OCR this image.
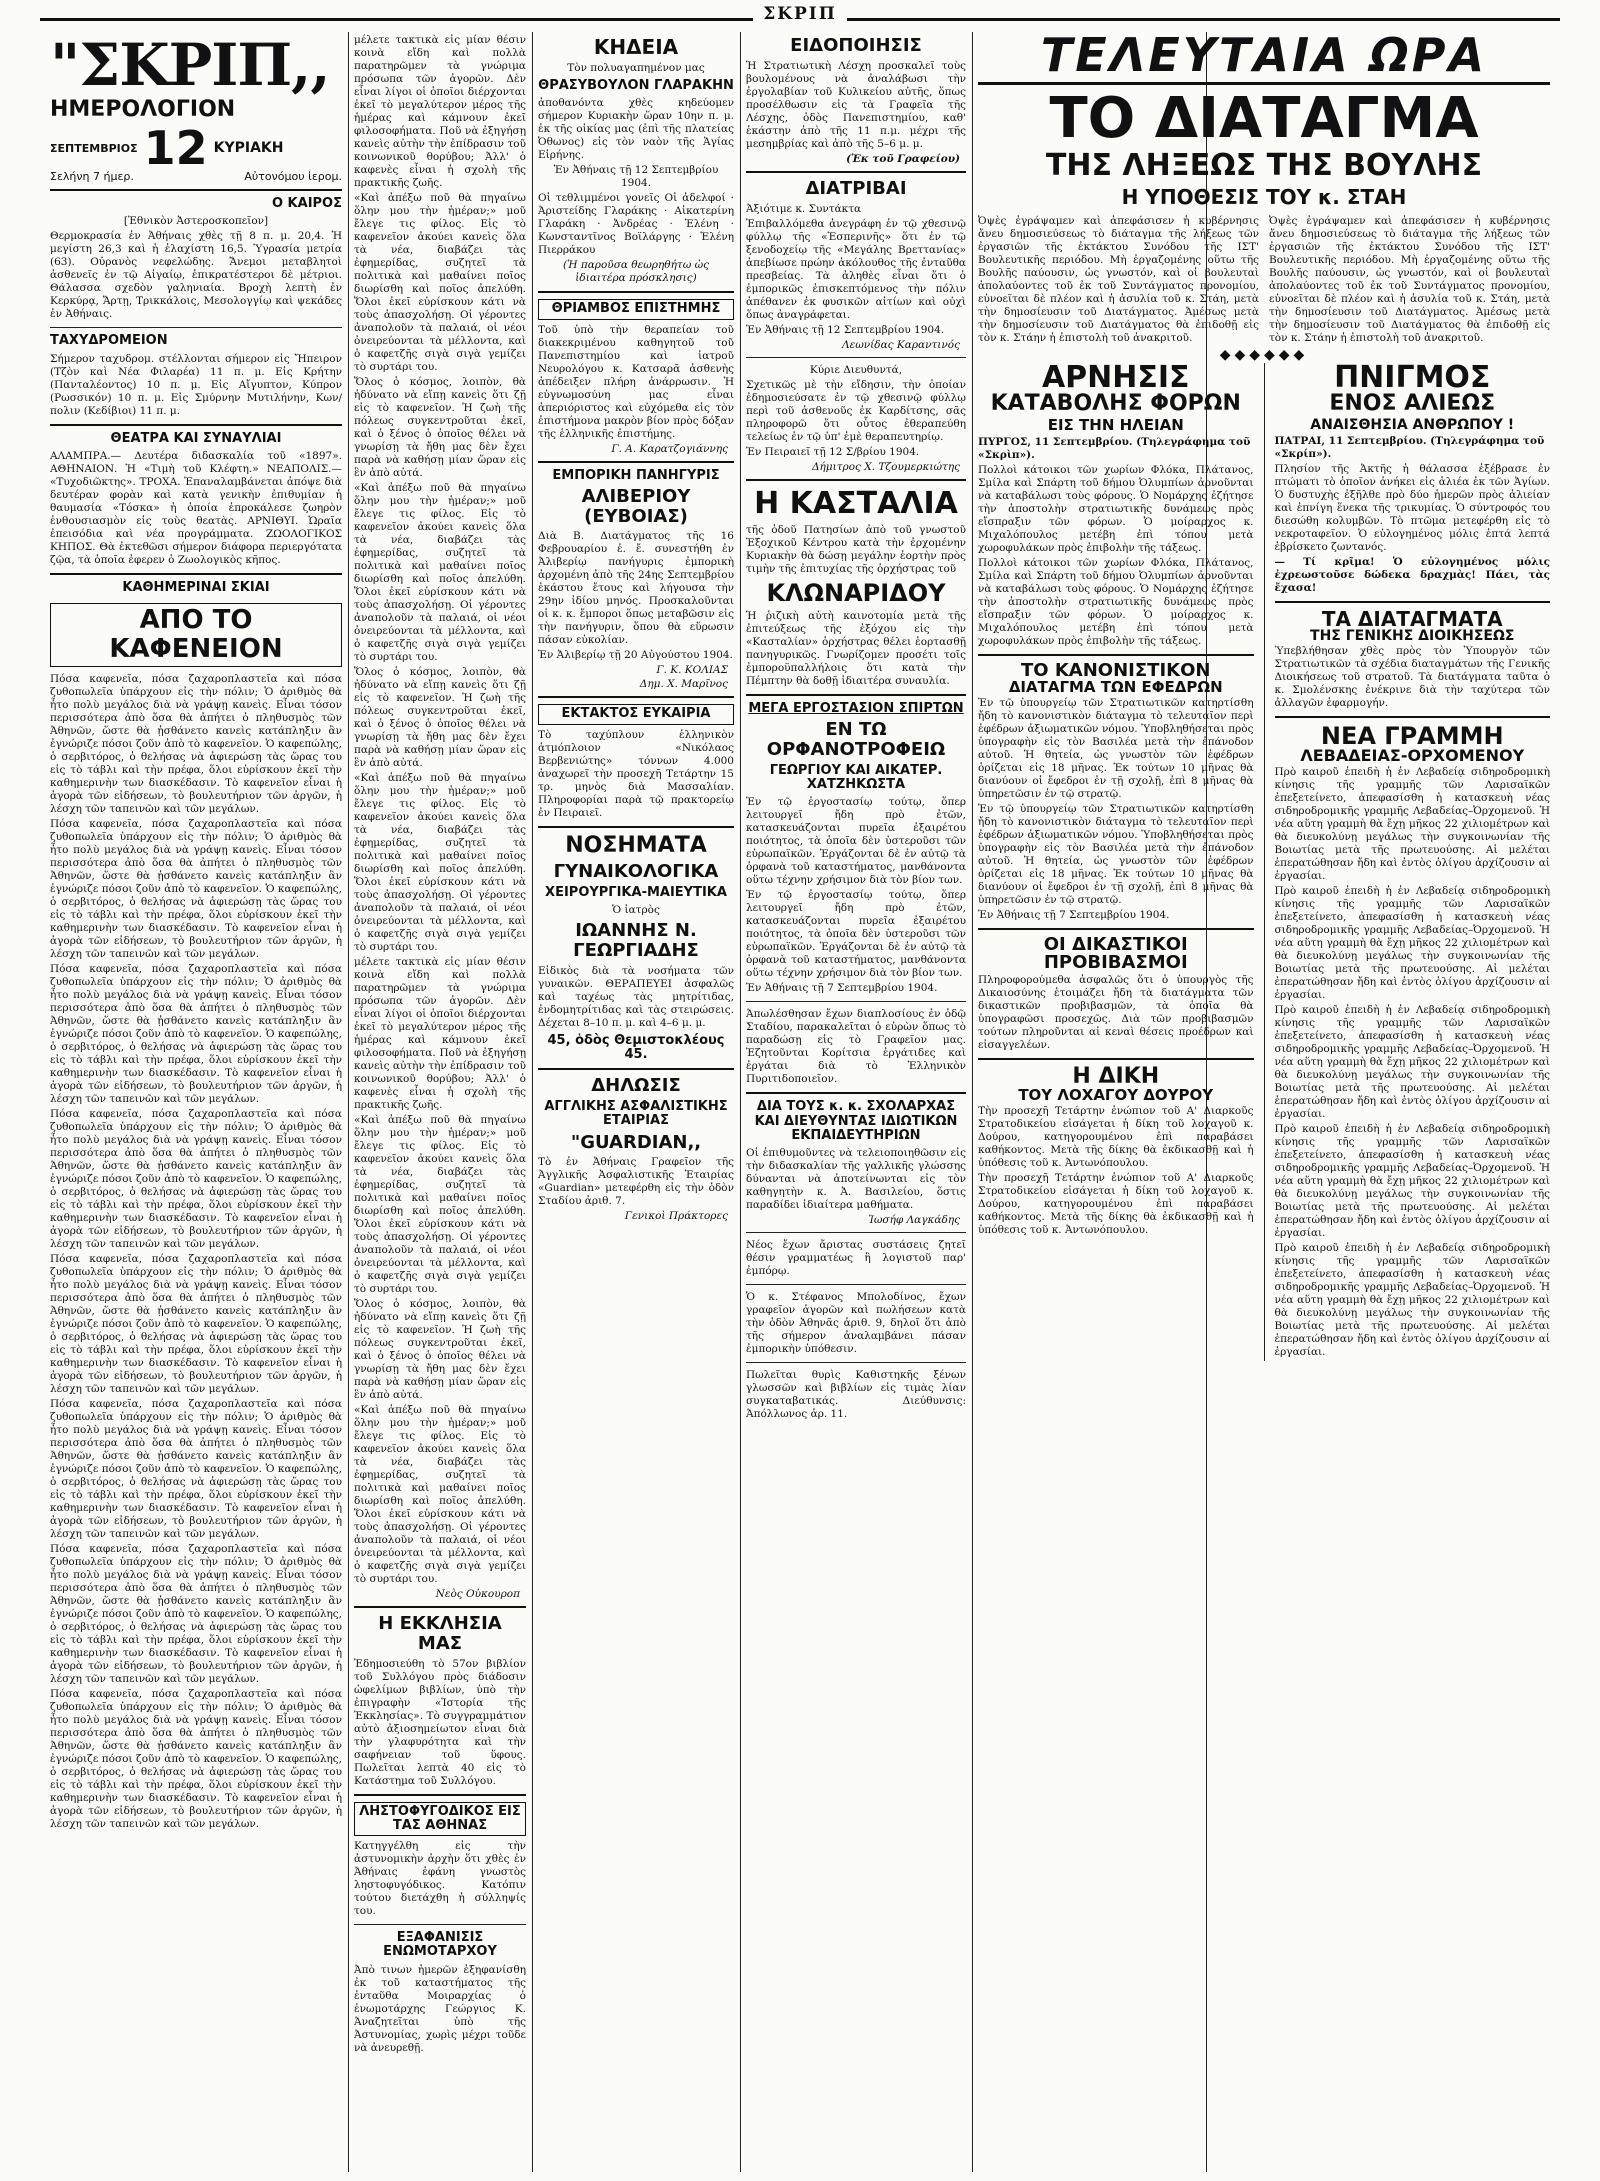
ΣΚΡΙΠ
"ΣΚΡΙΠ,,
ΗΜΕΡΟΛΟΓΙΟΝ
ΣΕΠΤΕΜΒΡΙΟΣ 12 ΚΥΡΙΑΚΗ
Σελήνη 7 ήμερ.	Αὐτονόμου ἱερομ.
Ο ΚΑΙΡΟΣ
[Ἐθνικὸν Ἀστεροσκοπεῖον]
Θερμοκρασία ἐν Ἀθήναις χθὲς τῇ 8 π. μ. 20,4. Ἡ μεγίστη 26,3 καὶ ἡ ἐλαχίστη 16,5. Ὑγρασία μετρία (63). Οὐρανὸς νεφελώδης. Ἄνεμοι μεταβλητοὶ ἀσθενεῖς ἐν τῷ Αἰγαίῳ, ἐπικρατέστεροι δὲ μέτριοι. Θάλασσα σχεδὸν γαληνιαία. Βροχὴ λεπτὴ ἐν Κερκύρᾳ, Ἄρτῃ, Τρικκάλοις, Μεσολογγίῳ καὶ ψεκάδες ἐν Ἀθήναις.
ΤΑΧΥΔΡΟΜΕΙΟΝ
Σήμερον ταχυδρομ. στέλλονται σήμερον εἰς Ἤπειρον (Τζὸν καὶ Νέα Φιλαρέα) 11 π. μ. Εἰς Κρήτην (Πανταλέοντος) 10 π. μ. Εἰς Αἴγυπτον, Κύπρον (Ρωσσικόν) 10 π. μ. Εἰς Σμύρνην Μυτιλήνην, Κων/πολιν (Κεδίβιοι) 11 π. μ.
ΘΕΑΤΡΑ ΚΑΙ ΣΥΝΑΥΛΙΑΙ
ΑΛΑΜΠΡΑ.— Δευτέρα διδασκαλία τοῦ «1897». ΑΘΗΝΑΙΟΝ. Ἡ «Τιμὴ τοῦ Κλέφτη.» ΝΕΑΠΟΛΙΣ.— «Τυχοδιῶκτης». ΤΡΟΧΑ. Ἐπαναλαμβάνεται ἀπόψε διὰ δευτέραν φορὰν καὶ κατὰ γενικὴν ἐπιθυμίαν ἡ θαυμασία «Τόσκα» ἡ ὁποία ἐπροκάλεσε ζωηρὸν ἐνθουσιασμὸν εἰς τοὺς θεατὰς. ΑΡΝΙΘΥΙ. Ὡραῖα ἐπεισόδια καὶ νέα προγράμματα. ΖΩΟΛΟΓΙΚΟΣ ΚΗΠΟΣ. Θὰ ἐκτεθῶσι σήμερον διάφορα περιεργότατα ζῷα, τὰ ὁποῖα ἐφερεν ὁ Ζωολογικὸς κῆπος.
ΚΑΘΗΜΕΡΙΝΑΙ ΣΚΙΑΙ
ΑΠΟ ΤΟ ΚΑΦΕΝΕΙΟΝ
Πόσα καφενεῖα, πόσα ζαχαροπλαστεῖα καὶ πόσα ζυθοπωλεῖα ὑπάρχουν εἰς τὴν πόλιν; Ὁ ἀριθμὸς θὰ ἦτο πολὺ μεγάλος διὰ νὰ γράψῃ κανεὶς. Εἶναι τόσον περισσότερα ἀπὸ ὅσα θὰ ἀπήτει ὁ πληθυσμὸς τῶν Ἀθηνῶν, ὥστε θὰ ᾐσθάνετο κανεὶς κατάπληξιν ἂν ἐγνώριζε πόσοι ζοῦν ἀπὸ τὸ καφενεῖον. Ὁ καφεπώλης, ὁ σερβιτόρος, ὁ θελήσας νὰ ἀφιερώσῃ τὰς ὥρας του εἰς τὸ τάβλι καὶ τὴν πρέφα, ὅλοι εὑρίσκουν ἐκεῖ τὴν καθημερινὴν των διασκέδασιν. Τὸ καφενεῖον εἶναι ἡ ἀγορὰ τῶν εἰδήσεων, τὸ βουλευτήριον τῶν ἀργῶν, ἡ λέσχη τῶν ταπεινῶν καὶ τῶν μεγάλων.
Πόσα καφενεῖα, πόσα ζαχαροπλαστεῖα καὶ πόσα ζυθοπωλεῖα ὑπάρχουν εἰς τὴν πόλιν; Ὁ ἀριθμὸς θὰ ἦτο πολὺ μεγάλος διὰ νὰ γράψῃ κανεὶς. Εἶναι τόσον περισσότερα ἀπὸ ὅσα θὰ ἀπήτει ὁ πληθυσμὸς τῶν Ἀθηνῶν, ὥστε θὰ ᾐσθάνετο κανεὶς κατάπληξιν ἂν ἐγνώριζε πόσοι ζοῦν ἀπὸ τὸ καφενεῖον. Ὁ καφεπώλης, ὁ σερβιτόρος, ὁ θελήσας νὰ ἀφιερώσῃ τὰς ὥρας του εἰς τὸ τάβλι καὶ τὴν πρέφα, ὅλοι εὑρίσκουν ἐκεῖ τὴν καθημερινὴν των διασκέδασιν. Τὸ καφενεῖον εἶναι ἡ ἀγορὰ τῶν εἰδήσεων, τὸ βουλευτήριον τῶν ἀργῶν, ἡ λέσχη τῶν ταπεινῶν καὶ τῶν μεγάλων.
Πόσα καφενεῖα, πόσα ζαχαροπλαστεῖα καὶ πόσα ζυθοπωλεῖα ὑπάρχουν εἰς τὴν πόλιν; Ὁ ἀριθμὸς θὰ ἦτο πολὺ μεγάλος διὰ νὰ γράψῃ κανεὶς. Εἶναι τόσον περισσότερα ἀπὸ ὅσα θὰ ἀπήτει ὁ πληθυσμὸς τῶν Ἀθηνῶν, ὥστε θὰ ᾐσθάνετο κανεὶς κατάπληξιν ἂν ἐγνώριζε πόσοι ζοῦν ἀπὸ τὸ καφενεῖον. Ὁ καφεπώλης, ὁ σερβιτόρος, ὁ θελήσας νὰ ἀφιερώσῃ τὰς ὥρας του εἰς τὸ τάβλι καὶ τὴν πρέφα, ὅλοι εὑρίσκουν ἐκεῖ τὴν καθημερινὴν των διασκέδασιν. Τὸ καφενεῖον εἶναι ἡ ἀγορὰ τῶν εἰδήσεων, τὸ βουλευτήριον τῶν ἀργῶν, ἡ λέσχη τῶν ταπεινῶν καὶ τῶν μεγάλων.
Πόσα καφενεῖα, πόσα ζαχαροπλαστεῖα καὶ πόσα ζυθοπωλεῖα ὑπάρχουν εἰς τὴν πόλιν; Ὁ ἀριθμὸς θὰ ἦτο πολὺ μεγάλος διὰ νὰ γράψῃ κανεὶς. Εἶναι τόσον περισσότερα ἀπὸ ὅσα θὰ ἀπήτει ὁ πληθυσμὸς τῶν Ἀθηνῶν, ὥστε θὰ ᾐσθάνετο κανεὶς κατάπληξιν ἂν ἐγνώριζε πόσοι ζοῦν ἀπὸ τὸ καφενεῖον. Ὁ καφεπώλης, ὁ σερβιτόρος, ὁ θελήσας νὰ ἀφιερώσῃ τὰς ὥρας του εἰς τὸ τάβλι καὶ τὴν πρέφα, ὅλοι εὑρίσκουν ἐκεῖ τὴν καθημερινὴν των διασκέδασιν. Τὸ καφενεῖον εἶναι ἡ ἀγορὰ τῶν εἰδήσεων, τὸ βουλευτήριον τῶν ἀργῶν, ἡ λέσχη τῶν ταπεινῶν καὶ τῶν μεγάλων.
Πόσα καφενεῖα, πόσα ζαχαροπλαστεῖα καὶ πόσα ζυθοπωλεῖα ὑπάρχουν εἰς τὴν πόλιν; Ὁ ἀριθμὸς θὰ ἦτο πολὺ μεγάλος διὰ νὰ γράψῃ κανεὶς. Εἶναι τόσον περισσότερα ἀπὸ ὅσα θὰ ἀπήτει ὁ πληθυσμὸς τῶν Ἀθηνῶν, ὥστε θὰ ᾐσθάνετο κανεὶς κατάπληξιν ἂν ἐγνώριζε πόσοι ζοῦν ἀπὸ τὸ καφενεῖον. Ὁ καφεπώλης, ὁ σερβιτόρος, ὁ θελήσας νὰ ἀφιερώσῃ τὰς ὥρας του εἰς τὸ τάβλι καὶ τὴν πρέφα, ὅλοι εὑρίσκουν ἐκεῖ τὴν καθημερινὴν των διασκέδασιν. Τὸ καφενεῖον εἶναι ἡ ἀγορὰ τῶν εἰδήσεων, τὸ βουλευτήριον τῶν ἀργῶν, ἡ λέσχη τῶν ταπεινῶν καὶ τῶν μεγάλων.
Πόσα καφενεῖα, πόσα ζαχαροπλαστεῖα καὶ πόσα ζυθοπωλεῖα ὑπάρχουν εἰς τὴν πόλιν; Ὁ ἀριθμὸς θὰ ἦτο πολὺ μεγάλος διὰ νὰ γράψῃ κανεὶς. Εἶναι τόσον περισσότερα ἀπὸ ὅσα θὰ ἀπήτει ὁ πληθυσμὸς τῶν Ἀθηνῶν, ὥστε θὰ ᾐσθάνετο κανεὶς κατάπληξιν ἂν ἐγνώριζε πόσοι ζοῦν ἀπὸ τὸ καφενεῖον. Ὁ καφεπώλης, ὁ σερβιτόρος, ὁ θελήσας νὰ ἀφιερώσῃ τὰς ὥρας του εἰς τὸ τάβλι καὶ τὴν πρέφα, ὅλοι εὑρίσκουν ἐκεῖ τὴν καθημερινὴν των διασκέδασιν. Τὸ καφενεῖον εἶναι ἡ ἀγορὰ τῶν εἰδήσεων, τὸ βουλευτήριον τῶν ἀργῶν, ἡ λέσχη τῶν ταπεινῶν καὶ τῶν μεγάλων.
Πόσα καφενεῖα, πόσα ζαχαροπλαστεῖα καὶ πόσα ζυθοπωλεῖα ὑπάρχουν εἰς τὴν πόλιν; Ὁ ἀριθμὸς θὰ ἦτο πολὺ μεγάλος διὰ νὰ γράψῃ κανεὶς. Εἶναι τόσον περισσότερα ἀπὸ ὅσα θὰ ἀπήτει ὁ πληθυσμὸς τῶν Ἀθηνῶν, ὥστε θὰ ᾐσθάνετο κανεὶς κατάπληξιν ἂν ἐγνώριζε πόσοι ζοῦν ἀπὸ τὸ καφενεῖον. Ὁ καφεπώλης, ὁ σερβιτόρος, ὁ θελήσας νὰ ἀφιερώσῃ τὰς ὥρας του εἰς τὸ τάβλι καὶ τὴν πρέφα, ὅλοι εὑρίσκουν ἐκεῖ τὴν καθημερινὴν των διασκέδασιν. Τὸ καφενεῖον εἶναι ἡ ἀγορὰ τῶν εἰδήσεων, τὸ βουλευτήριον τῶν ἀργῶν, ἡ λέσχη τῶν ταπεινῶν καὶ τῶν μεγάλων.
Πόσα καφενεῖα, πόσα ζαχαροπλαστεῖα καὶ πόσα ζυθοπωλεῖα ὑπάρχουν εἰς τὴν πόλιν; Ὁ ἀριθμὸς θὰ ἦτο πολὺ μεγάλος διὰ νὰ γράψῃ κανεὶς. Εἶναι τόσον περισσότερα ἀπὸ ὅσα θὰ ἀπήτει ὁ πληθυσμὸς τῶν Ἀθηνῶν, ὥστε θὰ ᾐσθάνετο κανεὶς κατάπληξιν ἂν ἐγνώριζε πόσοι ζοῦν ἀπὸ τὸ καφενεῖον. Ὁ καφεπώλης, ὁ σερβιτόρος, ὁ θελήσας νὰ ἀφιερώσῃ τὰς ὥρας του εἰς τὸ τάβλι καὶ τὴν πρέφα, ὅλοι εὑρίσκουν ἐκεῖ τὴν καθημερινὴν των διασκέδασιν. Τὸ καφενεῖον εἶναι ἡ ἀγορὰ τῶν εἰδήσεων, τὸ βουλευτήριον τῶν ἀργῶν, ἡ λέσχη τῶν ταπεινῶν καὶ τῶν μεγάλων.
μέλετε τακτικὰ εἰς μίαν θέσιν κοινὰ εἴδη καὶ πολλὰ παρατηρῶμεν τὰ γνώριμα πρόσωπα τῶν ἀγορῶν. Δὲν εἶναι λίγοι οἱ ὁποῖοι διέρχονται ἐκεῖ τὸ μεγαλύτερον μέρος τῆς ἡμέρας καὶ κάμνουν ἐκεῖ φιλοσοφήματα. Ποῦ νὰ ἐξηγήσῃ κανεὶς αὐτὴν τὴν ἐπίδρασιν τοῦ κοινωνικοῦ θορύβου; Ἀλλ' ὁ καφενὲς εἶναι ἡ σχολὴ τῆς πρακτικῆς ζωῆς.
«Καὶ ἀπέξω ποῦ θὰ πηγαίνω ὅλην μου τὴν ἡμέραν;» μοῦ ἔλεγε τις φίλος. Εἰς τὸ καφενεῖον ἀκούει κανεὶς ὅλα τὰ νέα, διαβάζει τὰς ἐφημερίδας, συζητεῖ τὰ πολιτικὰ καὶ μαθαίνει ποῖος διωρίσθη καὶ ποῖος ἀπελύθη. Ὅλοι ἐκεῖ εὑρίσκουν κάτι νὰ τοὺς ἀπασχολήσῃ. Οἱ γέροντες ἀναπολοῦν τὰ παλαιά, οἱ νέοι ὀνειρεύονται τὰ μέλλοντα, καὶ ὁ καφετζῆς σιγὰ σιγὰ γεμίζει τὸ συρτάρι του.
Ὅλος ὁ κόσμος, λοιπὸν, θὰ ἠδύνατο νὰ εἴπῃ κανεὶς ὅτι ζῇ εἰς τὸ καφενεῖον. Ἡ ζωὴ τῆς πόλεως συγκεντροῦται ἐκεῖ, καὶ ὁ ξένος ὁ ὁποῖος θέλει νὰ γνωρίσῃ τὰ ἤθη μας δὲν ἔχει παρὰ νὰ καθήσῃ μίαν ὥραν εἰς ἓν ἀπὸ αὐτά.
«Καὶ ἀπέξω ποῦ θὰ πηγαίνω ὅλην μου τὴν ἡμέραν;» μοῦ ἔλεγε τις φίλος. Εἰς τὸ καφενεῖον ἀκούει κανεὶς ὅλα τὰ νέα, διαβάζει τὰς ἐφημερίδας, συζητεῖ τὰ πολιτικὰ καὶ μαθαίνει ποῖος διωρίσθη καὶ ποῖος ἀπελύθη. Ὅλοι ἐκεῖ εὑρίσκουν κάτι νὰ τοὺς ἀπασχολήσῃ. Οἱ γέροντες ἀναπολοῦν τὰ παλαιά, οἱ νέοι ὀνειρεύονται τὰ μέλλοντα, καὶ ὁ καφετζῆς σιγὰ σιγὰ γεμίζει τὸ συρτάρι του.
Ὅλος ὁ κόσμος, λοιπὸν, θὰ ἠδύνατο νὰ εἴπῃ κανεὶς ὅτι ζῇ εἰς τὸ καφενεῖον. Ἡ ζωὴ τῆς πόλεως συγκεντροῦται ἐκεῖ, καὶ ὁ ξένος ὁ ὁποῖος θέλει νὰ γνωρίσῃ τὰ ἤθη μας δὲν ἔχει παρὰ νὰ καθήσῃ μίαν ὥραν εἰς ἓν ἀπὸ αὐτά.
«Καὶ ἀπέξω ποῦ θὰ πηγαίνω ὅλην μου τὴν ἡμέραν;» μοῦ ἔλεγε τις φίλος. Εἰς τὸ καφενεῖον ἀκούει κανεὶς ὅλα τὰ νέα, διαβάζει τὰς ἐφημερίδας, συζητεῖ τὰ πολιτικὰ καὶ μαθαίνει ποῖος διωρίσθη καὶ ποῖος ἀπελύθη. Ὅλοι ἐκεῖ εὑρίσκουν κάτι νὰ τοὺς ἀπασχολήσῃ. Οἱ γέροντες ἀναπολοῦν τὰ παλαιά, οἱ νέοι ὀνειρεύονται τὰ μέλλοντα, καὶ ὁ καφετζῆς σιγὰ σιγὰ γεμίζει τὸ συρτάρι του.
μέλετε τακτικὰ εἰς μίαν θέσιν κοινὰ εἴδη καὶ πολλὰ παρατηρῶμεν τὰ γνώριμα πρόσωπα τῶν ἀγορῶν. Δὲν εἶναι λίγοι οἱ ὁποῖοι διέρχονται ἐκεῖ τὸ μεγαλύτερον μέρος τῆς ἡμέρας καὶ κάμνουν ἐκεῖ φιλοσοφήματα. Ποῦ νὰ ἐξηγήσῃ κανεὶς αὐτὴν τὴν ἐπίδρασιν τοῦ κοινωνικοῦ θορύβου; Ἀλλ' ὁ καφενὲς εἶναι ἡ σχολὴ τῆς πρακτικῆς ζωῆς.
«Καὶ ἀπέξω ποῦ θὰ πηγαίνω ὅλην μου τὴν ἡμέραν;» μοῦ ἔλεγε τις φίλος. Εἰς τὸ καφενεῖον ἀκούει κανεὶς ὅλα τὰ νέα, διαβάζει τὰς ἐφημερίδας, συζητεῖ τὰ πολιτικὰ καὶ μαθαίνει ποῖος διωρίσθη καὶ ποῖος ἀπελύθη. Ὅλοι ἐκεῖ εὑρίσκουν κάτι νὰ τοὺς ἀπασχολήσῃ. Οἱ γέροντες ἀναπολοῦν τὰ παλαιά, οἱ νέοι ὀνειρεύονται τὰ μέλλοντα, καὶ ὁ καφετζῆς σιγὰ σιγὰ γεμίζει τὸ συρτάρι του.
Ὅλος ὁ κόσμος, λοιπὸν, θὰ ἠδύνατο νὰ εἴπῃ κανεὶς ὅτι ζῇ εἰς τὸ καφενεῖον. Ἡ ζωὴ τῆς πόλεως συγκεντροῦται ἐκεῖ, καὶ ὁ ξένος ὁ ὁποῖος θέλει νὰ γνωρίσῃ τὰ ἤθη μας δὲν ἔχει παρὰ νὰ καθήσῃ μίαν ὥραν εἰς ἓν ἀπὸ αὐτά.
«Καὶ ἀπέξω ποῦ θὰ πηγαίνω ὅλην μου τὴν ἡμέραν;» μοῦ ἔλεγε τις φίλος. Εἰς τὸ καφενεῖον ἀκούει κανεὶς ὅλα τὰ νέα, διαβάζει τὰς ἐφημερίδας, συζητεῖ τὰ πολιτικὰ καὶ μαθαίνει ποῖος διωρίσθη καὶ ποῖος ἀπελύθη. Ὅλοι ἐκεῖ εὑρίσκουν κάτι νὰ τοὺς ἀπασχολήσῃ. Οἱ γέροντες ἀναπολοῦν τὰ παλαιά, οἱ νέοι ὀνειρεύονται τὰ μέλλοντα, καὶ ὁ καφετζῆς σιγὰ σιγὰ γεμίζει τὸ συρτάρι του.
Νεὸς Οὐκουροπ
Η ΕΚΚΛΗΣΙΑ ΜΑΣ
Ἐδημοσιεύθη τὸ 57ον βιβλίον τοῦ Συλλόγου πρὸς διάδοσιν ὠφελίμων βιβλίων, ὑπὸ τὴν ἐπιγραφὴν «Ἱστορία τῆς Ἐκκλησίας». Τὸ συγγραμμάτιον αὐτὸ ἀξιοσημείωτον εἶναι διὰ τὴν γλαφυρότητα καὶ τὴν σαφήνειαν τοῦ ὕφους. Πωλεῖται λεπτὰ 40 εἰς τὸ Κατάστημα τοῦ Συλλόγου.
ΛΗΣΤΟΦΥΓΟΔΙΚΟΣ ΕΙΣ ΤΑΣ ΑΘΗΝΑΣ
Κατηγγέλθη εἰς τὴν ἀστυνομικὴν ἀρχὴν ὅτι χθὲς ἐν Ἀθήναις ἐφάνη γνωστὸς ληστοφυγόδικος. Κατόπιν τούτου διετάχθη ἡ σύλληψίς του.
ΕΞΑΦΑΝΙΣΙΣ ΕΝΩΜΟΤΑΡΧΟΥ
Ἀπὸ τινων ἡμερῶν ἐξηφανίσθη ἐκ τοῦ καταστήματος τῆς ἐνταῦθα Μοιραρχίας ὁ ἐνωμοτάρχης Γεώργιος Κ. Ἀναζητεῖται ὑπὸ τῆς Ἀστυνομίας, χωρὶς μέχρι τοῦδε νὰ ἀνευρεθῇ.
ΚΗΔΕΙΑ
Τὸν πολυαγαπημένον μας
ΘΡΑΣΥΒΟΥΛΟΝ ΓΛΑΡΑΚΗΝ
ἀποθανόντα χθὲς κηδεύομεν σήμερον Κυριακὴν ὥραν 10ην π. μ. ἐκ τῆς οἰκίας μας (ἐπὶ τῆς πλατείας Ὀθωνος) εἰς τὸν ναὸν τῆς Ἁγίας Εἰρήνης.
Ἐν Ἀθήναις τῇ 12 Σεπτεμβρίου 1904.
Οἱ τεθλιμμένοι γονεῖς Οἱ ἀδελφοί · Ἀριστείδης Γλαράκης · Αἰκατερίνη Γλαράκη · Ἀνδρέας · Ἐλένη · Κωνσταντῖνος Βοϊλάργης · Ἑλένη Πιερράκου
(Ἡ παροῦσα θεωρηθήτω ὡς ἰδιαιτέρα πρόσκλησις)
ΘΡΙΑΜΒΟΣ ΕΠΙΣΤΗΜΗΣ
Τοῦ ὑπὸ τὴν θεραπείαν τοῦ διακεκριμένου καθηγητοῦ τοῦ Πανεπιστημίου καὶ ἰατροῦ Νευρολόγου κ. Κατσαρᾶ ἀσθενὴς ἀπέδειξεν πλήρη ἀνάρρωσιν. Ἡ εὐγνωμοσύνη μας εἶναι ἀπεριόριστος καὶ εὐχόμεθα εἰς τὸν ἐπιστήμονα μακρὸν βίον πρὸς δόξαν τῆς ἑλληνικῆς ἐπιστήμης.
Γ. Α. Καρατζογιάννης
ΕΜΠΟΡΙΚΗ ΠΑΝΗΓΥΡΙΣ
ΑΛΙΒΕΡΙΟΥ (ΕΥΒΟΙΑΣ)
Διὰ Β. Διατάγματος τῆς 16 Φεβρουαρίου ἐ. ἔ. συνεστήθη ἐν Ἀλιβερίῳ πανήγυρις ἐμπορικὴ ἀρχομένη ἀπὸ τῆς 24ης Σεπτεμβρίου ἑκάστου ἔτους καὶ λήγουσα τὴν 29ην ἰδίου μηνός. Προσκαλοῦνται οἱ κ. κ. ἔμποροι ὅπως μεταβῶσιν εἰς τὴν πανήγυριν, ὅπου θὰ εὕρωσιν πάσαν εὐκολίαν.
Ἐν Ἀλιβερίῳ τῇ 20 Αὐγούστου 1904.
Γ. Κ. ΚΟΛΙΑΣ
Δημ. Χ. Μαρῖνος
ΕΚΤΑΚΤΟΣ ΕΥΚΑΙΡΙΑ
Τὸ ταχύπλουν ἑλληνικὸν ἀτμόπλοιον «Νικόλαος Βερβενιώτης» τόννων 4.000 ἀναχωρεῖ τὴν προσεχῆ Τετάρτην 15 τρ. μηνὸς διὰ Μασσαλίαν. Πληροφορίαι παρὰ τῷ πρακτορείῳ ἐν Πειραιεῖ.
ΝΟΣΗΜΑΤΑ
ΓΥΝΑΙΚΟΛΟΓΙΚΑ
ΧΕΙΡΟΥΡΓΙΚΑ-ΜΑΙΕΥΤΙΚΑ
Ὁ ἰατρὸς
ΙΩΑΝΝΗΣ Ν. ΓΕΩΡΓΙΑΔΗΣ
Εἰδικὸς διὰ τὰ νοσήματα τῶν γυναικῶν. ΘΕΡΑΠΕΥΕΙ ἀσφαλῶς καὶ ταχέως τὰς μητρίτιδας, ἐνδομητρίτιδας καὶ τὰς στειρώσεις. Δέχεται 8–10 π. μ. καὶ 4–6 μ. μ.
45, ὁδὸς Θεμιστοκλέους 45.
ΔΗΛΩΣΙΣ
ΑΓΓΛΙΚΗΣ ΑΣΦΑΛΙΣΤΙΚΗΣ ΕΤΑΙΡΙΑΣ
"GUARDIAN,,
Τὸ ἐν Ἀθήναις Γραφεῖον τῆς Ἀγγλικῆς Ἀσφαλιστικῆς Ἑταιρίας «Guardian» μετεφέρθη εἰς τὴν ὁδὸν Σταδίου ἀριθ. 7.
Γενικοὶ Πράκτορες
ΕΙΔΟΠΟΙΗΣΙΣ
Ἡ Στρατιωτικὴ Λέσχη προσκαλεῖ τοὺς βουλομένους νὰ ἀναλάβωσι τὴν ἐργολαβίαν τοῦ Κυλικείου αὐτῆς, ὅπως προσέλθωσιν εἰς τὰ Γραφεῖα τῆς Λέσχης, ὁδὸς Πανεπιστημίου, καθ' ἑκάστην ἀπὸ τῆς 11 π.μ. μέχρι τῆς μεσημβρίας καὶ ἀπὸ τῆς 5–6 μ. μ.
(Ἐκ τοῦ Γραφείου)
ΔΙΑΤΡΙΒΑΙ
Ἀξιότιμε κ. Συντάκτα
Ἐπιβαλλόμεθα ἀνεγράφη ἐν τῷ χθεσινῷ φύλλῳ τῆς «Ἑσπερινῆς» ὅτι ἐν τῷ ξενοδοχείῳ τῆς «Μεγάλης Βρεττανίας» ἀπεβίωσε πρώην ἀκόλουθος τῆς ἐνταῦθα πρεσβείας. Τὰ ἀληθὲς εἶναι ὅτι ὁ ἐμπορικῶς ἐπισκεπτόμενος τὴν πόλιν ἀπέθανεν ἐκ φυσικῶν αἰτίων καὶ οὐχὶ ὅπως ἀναγράφεται.
Ἐν Ἀθήναις τῇ 12 Σεπτεμβρίου 1904.
Λεωνίδας Καραντινός
Κύριε Διευθυντά,
Σχετικῶς μὲ τὴν εἴδησιν, τὴν ὁποίαν ἐδημοσιεύσατε ἐν τῷ χθεσινῷ φύλλῳ περὶ τοῦ ἀσθενοῦς ἐκ Καρδίτσης, σᾶς πληροφορῶ ὅτι οὗτος ἐθεραπεύθη τελείως ἐν τῷ ὑπ' ἐμὲ θεραπευτηρίῳ.
Ἐν Πειραιεῖ τῇ 12 Σ/βρίου 1904.
Δήμιτρος Χ. Τζουμερκιώτης
Η ΚΑΣΤΑΛΙΑ
τῆς ὁδοῦ Πατησίων ἀπὸ τοῦ γνωστοῦ Ἐξοχικοῦ Κέντρου κατὰ τὴν ἐρχομένην Κυριακὴν θὰ δώσῃ μεγάλην ἑορτὴν πρὸς τιμὴν τῆς ἐπιτυχίας τῆς ὀρχήστρας τοῦ
ΚΛΩΝΑΡΙΔΟΥ
Ἡ ῥιζικὴ αὐτὴ καινοτομία μετὰ τῆς ἐπιτεύξεως τῆς ἐξόχου εἰς τὴν «Κασταλίαν» ὀρχήστρας θέλει ἑορτασθῇ πανηγυρικῶς. Γνωρίζομεν προσέτι τοῖς ἐμποροϋπαλλήλοις ὅτι κατὰ τὴν Πέμπτην θὰ δοθῇ ἰδιαιτέρα συναυλία.
ΜΕΓΑ ΕΡΓΟΣΤΑΣΙΟΝ ΣΠΙΡΤΩΝ
ΕΝ ΤΩ ΟΡΦΑΝΟΤΡΟΦΕΙΩ
ΓΕΩΡΓΙΟΥ ΚΑΙ ΑΙΚΑΤΕΡ. ΧΑΤΖΗΚΩΣΤΑ
Ἐν τῷ ἐργοστασίῳ τούτῳ, ὅπερ λειτουργεῖ ἤδη πρὸ ἐτῶν, κατασκευάζονται πυρεῖα ἐξαιρέτου ποιότητος, τὰ ὁποῖα δὲν ὑστεροῦσι τῶν εὐρωπαϊκῶν. Ἐργάζονται δὲ ἐν αὐτῷ τὰ ὀρφανὰ τοῦ καταστήματος, μανθάνοντα οὕτω τέχνην χρήσιμον διὰ τὸν βίον των.
Ἐν τῷ ἐργοστασίῳ τούτῳ, ὅπερ λειτουργεῖ ἤδη πρὸ ἐτῶν, κατασκευάζονται πυρεῖα ἐξαιρέτου ποιότητος, τὰ ὁποῖα δὲν ὑστεροῦσι τῶν εὐρωπαϊκῶν. Ἐργάζονται δὲ ἐν αὐτῷ τὰ ὀρφανὰ τοῦ καταστήματος, μανθάνοντα οὕτω τέχνην χρήσιμον διὰ τὸν βίον των.
Ἐν Ἀθήναις τῇ 7 Σεπτεμβρίου 1904.
Ἀπωλέσθησαν ἔχων διαπλοσίους ἐν ὁδῷ Σταδίου, παρακαλεῖται ὁ εὑρὼν ὅπως τὸ παραδώσῃ εἰς τὸ Γραφεῖον μας. Ἐζητοῦνται Κορίτσια ἐργάτιδες καὶ ἐργάται διὰ τὸ Ἑλληνικὸν Πυριτιδοποιεῖον.
ΔΙΑ ΤΟΥΣ κ. κ. ΣΧΟΛΑΡΧΑΣ ΚΑΙ ΔΙΕΥΘΥΝΤΑΣ ΙΔΙΩΤΙΚΩΝ ΕΚΠΑΙΔΕΥΤΗΡΙΩΝ
Οἱ ἐπιθυμοῦντες νὰ τελειοποιηθῶσιν εἰς τὴν διδασκαλίαν τῆς γαλλικῆς γλώσσης δύνανται νὰ ἀποτείνωνται εἰς τὸν καθηγητὴν κ. Ἀ. Βασιλείου, ὅστις παραδίδει ἰδιαίτερα μαθήματα.
Ἰωσήφ Λαγκάδης
Νέος ἔχων ἄριστας συστάσεις ζητεῖ θέσιν γραμματέως ἢ λογιστοῦ παρ' ἐμπόρῳ.
Ὁ κ. Στέφανος Μπολοδίνος, ἔχων γραφεῖον ἀγορῶν καὶ πωλήσεων κατὰ τὴν ὁδὸν Ἀθηνᾶς ἀριθ. 9, δηλοῖ ὅτι ἀπὸ τῆς σήμερον ἀναλαμβάνει πάσαν ἐμπορικὴν ὑπόθεσιν.
Πωλεῖται θυρὶς Καθιστηκῆς ξένων γλωσσῶν καὶ βιβλίων εἰς τιμὰς λίαν συγκαταβατικάς. Διεύθυνσις: Ἀπόλλωνος ἀρ. 11.
ΤΕΛΕΥΤΑΙΑ ΩΡΑ
ΤΟ ΔΙΑΤΑΓΜΑ
ΤΗΣ ΛΗΞΕΩΣ ΤΗΣ ΒΟΥΛΗΣ
Η ΥΠΟΘΕΣΙΣ ΤΟΥ κ. ΣΤΑΗ
Ὀψὲς ἐγράψαμεν καὶ ἀπεφάσισεν ἡ κυβέρνησις ἄνευ δημοσιεύσεως τὸ διάταγμα τῆς λήξεως τῶν ἐργασιῶν τῆς ἐκτάκτου Συνόδου τῆς ΙΣΤ' Βουλευτικῆς περιόδου. Μὴ ἐργαζομένης οὕτω τῆς Βουλῆς παύουσιν, ὡς γνωστόν, καὶ οἱ βουλευταὶ ἀπολαύοντες τοῦ ἐκ τοῦ Συντάγματος προνομίου, εὐνοεῖται δὲ πλέον καὶ ἡ ἀσυλία τοῦ κ. Στάη, μετὰ τὴν δημοσίευσιν τοῦ Διατάγματος. Ἀμέσως μετὰ τὴν δημοσίευσιν τοῦ Διατάγματος θὰ ἐπιδοθῇ εἰς τὸν κ. Στάην ἡ ἐπιστολὴ τοῦ ἀνακριτοῦ.
Ὀψὲς ἐγράψαμεν καὶ ἀπεφάσισεν ἡ κυβέρνησις ἄνευ δημοσιεύσεως τὸ διάταγμα τῆς λήξεως τῶν ἐργασιῶν τῆς ἐκτάκτου Συνόδου τῆς ΙΣΤ' Βουλευτικῆς περιόδου. Μὴ ἐργαζομένης οὕτω τῆς Βουλῆς παύουσιν, ὡς γνωστόν, καὶ οἱ βουλευταὶ ἀπολαύοντες τοῦ ἐκ τοῦ Συντάγματος προνομίου, εὐνοεῖται δὲ πλέον καὶ ἡ ἀσυλία τοῦ κ. Στάη, μετὰ τὴν δημοσίευσιν τοῦ Διατάγματος. Ἀμέσως μετὰ τὴν δημοσίευσιν τοῦ Διατάγματος θὰ ἐπιδοθῇ εἰς τὸν κ. Στάην ἡ ἐπιστολὴ τοῦ ἀνακριτοῦ.
◆◆◆◆◆◆
ΑΡΝΗΣΙΣ
ΚΑΤΑΒΟΛΗΣ ΦΟΡΩΝ
ΕΙΣ ΤΗΝ ΗΛΕΙΑΝ
ΠΥΡΓΟΣ, 11 Σεπτεμβρίου. (Τηλεγράφημα τοῦ «Σκρὶπ»).
Πολλοὶ κάτοικοι τῶν χωρίων Φλόκα, Πλάτανος, Σμίλα καὶ Σπάρτη τοῦ δήμου Ὀλυμπίων ἀρνοῦνται νὰ καταβάλωσι τοὺς φόρους. Ὁ Νομάρχης ἐζήτησε τὴν ἀποστολὴν στρατιωτικῆς δυνάμεως πρὸς εἴσπραξιν τῶν φόρων. Ὁ μοίραρχος κ. Μιχαλόπουλος μετέβη ἐπὶ τόπου μετὰ χωροφυλάκων πρὸς ἐπιβολὴν τῆς τάξεως.
Πολλοὶ κάτοικοι τῶν χωρίων Φλόκα, Πλάτανος, Σμίλα καὶ Σπάρτη τοῦ δήμου Ὀλυμπίων ἀρνοῦνται νὰ καταβάλωσι τοὺς φόρους. Ὁ Νομάρχης ἐζήτησε τὴν ἀποστολὴν στρατιωτικῆς δυνάμεως πρὸς εἴσπραξιν τῶν φόρων. Ὁ μοίραρχος κ. Μιχαλόπουλος μετέβη ἐπὶ τόπου μετὰ χωροφυλάκων πρὸς ἐπιβολὴν τῆς τάξεως.
ΤΟ ΚΑΝΟΝΙΣΤΙΚΟΝ
ΔΙΑΤΑΓΜΑ ΤΩΝ ΕΦΕΔΡΩΝ
Ἐν τῷ ὑπουργείῳ τῶν Στρατιωτικῶν κατηρτίσθη ἤδη τὸ κανονιστικὸν διάταγμα τὸ τελευταῖον περὶ ἐφέδρων ἀξιωματικῶν νόμου. Ὑποβληθήσεται πρὸς ὑπογραφὴν εἰς τὸν Βασιλέα μετὰ τὴν ἐπάνοδον αὐτοῦ. Ἡ θητεία, ὡς γνωστὸν τῶν ἐφέδρων ὁρίζεται εἰς 18 μῆνας. Ἐκ τούτων 10 μῆνας θὰ διανύουν οἱ ἔφεδροι ἐν τῇ σχολῇ, ἐπὶ 8 μῆνας θὰ ὑπηρετῶσιν ἐν τῷ στρατῷ.
Ἐν τῷ ὑπουργείῳ τῶν Στρατιωτικῶν κατηρτίσθη ἤδη τὸ κανονιστικὸν διάταγμα τὸ τελευταῖον περὶ ἐφέδρων ἀξιωματικῶν νόμου. Ὑποβληθήσεται πρὸς ὑπογραφὴν εἰς τὸν Βασιλέα μετὰ τὴν ἐπάνοδον αὐτοῦ. Ἡ θητεία, ὡς γνωστὸν τῶν ἐφέδρων ὁρίζεται εἰς 18 μῆνας. Ἐκ τούτων 10 μῆνας θὰ διανύουν οἱ ἔφεδροι ἐν τῇ σχολῇ, ἐπὶ 8 μῆνας θὰ ὑπηρετῶσιν ἐν τῷ στρατῷ.
Ἐν Ἀθήναις τῇ 7 Σεπτεμβρίου 1904.
ΟΙ ΔΙΚΑΣΤΙΚΟΙ
ΠΡΟΒΙΒΑΣΜΟΙ
Πληροφορούμεθα ἀσφαλῶς ὅτι ὁ ὑπουργὸς τῆς Δικαιοσύνης ἑτοιμάζει ἤδη τὰ διατάγματα τῶν δικαστικῶν προβιβασμῶν, τὰ ὁποῖα θὰ ὑπογραφῶσι προσεχῶς. Διὰ τῶν προβιβασμῶν τούτων πληροῦνται αἱ κεναὶ θέσεις προέδρων καὶ εἰσαγγελέων.
Η ΔΙΚΗ
ΤΟΥ ΛΟΧΑΓΟΥ ΔΟΥΡΟΥ
Τὴν προσεχῆ Τετάρτην ἐνώπιον τοῦ Α' Διαρκοῦς Στρατοδικείου εἰσάγεται ἡ δίκη τοῦ λοχαγοῦ κ. Δούρου, κατηγορουμένου ἐπὶ παραβάσει καθήκοντος. Μετὰ τῆς δίκης θὰ ἐκδικασθῇ καὶ ἡ ὑπόθεσις τοῦ κ. Ἀντωνόπουλου.
Τὴν προσεχῆ Τετάρτην ἐνώπιον τοῦ Α' Διαρκοῦς Στρατοδικείου εἰσάγεται ἡ δίκη τοῦ λοχαγοῦ κ. Δούρου, κατηγορουμένου ἐπὶ παραβάσει καθήκοντος. Μετὰ τῆς δίκης θὰ ἐκδικασθῇ καὶ ἡ ὑπόθεσις τοῦ κ. Ἀντωνόπουλου.
ΠΝΙΓΜΟΣ
ΕΝΟΣ ΑΛΙΕΩΣ
ΑΝΑΙΣΘΗΣΙΑ ΑΝΘΡΩΠΟΥ !
ΠΑΤΡΑΙ, 11 Σεπτεμβρίου. (Τηλεγράφημα τοῦ «Σκρίπ»).
Πλησίον τῆς Ἀκτῆς ἡ θάλασσα ἐξέβρασε ἐν πτώματι τὸ ὁποῖον ἀνήκει εἰς ἁλιέα ἐκ τῶν Ἀγίων. Ὁ δυστυχὴς ἐξῆλθε πρὸ δύο ἡμερῶν πρὸς ἁλιείαν καὶ ἐπνίγη ἕνεκα τῆς τρικυμίας. Ὁ σύντροφός του διεσώθη κολυμβῶν. Τὸ πτῶμα μετεφέρθη εἰς τὸ νεκροταφεῖον. Ὁ εὐλογημένος μόλις ἐπτά λεπτά ἐβρίσκετο ζωντανός.
— Τί κρῖμα! Ὁ εὐλογημένος μόλις ἐχρεωστοῦσε δώδεκα δραχμὰς! Πάει, τὰς ἔχασα!
ΤΑ ΔΙΑΤΑΓΜΑΤΑ
ΤΗΣ ΓΕΝΙΚΗΣ ΔΙΟΙΚΗΣΕΩΣ
Ὑπεβλήθησαν χθὲς πρὸς τὸν Ὑπουργὸν τῶν Στρατιωτικῶν τὰ σχέδια διαταγμάτων τῆς Γενικῆς Διοικήσεως τοῦ στρατοῦ. Τὰ διατάγματα ταῦτα ὁ κ. Σμολένσκης ἐνέκρινε διὰ τὴν ταχύτερα τῶν ἀλλαγῶν ἐφαρμογήν.
ΝΕΑ ΓΡΑΜΜΗ
ΛΕΒΑΔΕΙΑΣ-ΟΡΧΟΜΕΝΟΥ
Πρὸ καιροῦ ἐπειδὴ ἡ ἐν Λεβαδείᾳ σιδηροδρομικὴ κίνησις τῆς γραμμῆς τῶν Λαρισαϊκῶν ἐπεξετείνετο, ἀπεφασίσθη ἡ κατασκευὴ νέας σιδηροδρομικῆς γραμμῆς Λεβαδείας–Ὀρχομενοῦ. Ἡ νέα αὕτη γραμμὴ θὰ ἔχῃ μῆκος 22 χιλιομέτρων καὶ θὰ διευκολύνῃ μεγάλως τὴν συγκοινωνίαν τῆς Βοιωτίας μετὰ τῆς πρωτευούσης. Αἱ μελέται ἐπερατώθησαν ἤδη καὶ ἐντὸς ὀλίγου ἀρχίζουσιν αἱ ἐργασίαι.
Πρὸ καιροῦ ἐπειδὴ ἡ ἐν Λεβαδείᾳ σιδηροδρομικὴ κίνησις τῆς γραμμῆς τῶν Λαρισαϊκῶν ἐπεξετείνετο, ἀπεφασίσθη ἡ κατασκευὴ νέας σιδηροδρομικῆς γραμμῆς Λεβαδείας–Ὀρχομενοῦ. Ἡ νέα αὕτη γραμμὴ θὰ ἔχῃ μῆκος 22 χιλιομέτρων καὶ θὰ διευκολύνῃ μεγάλως τὴν συγκοινωνίαν τῆς Βοιωτίας μετὰ τῆς πρωτευούσης. Αἱ μελέται ἐπερατώθησαν ἤδη καὶ ἐντὸς ὀλίγου ἀρχίζουσιν αἱ ἐργασίαι.
Πρὸ καιροῦ ἐπειδὴ ἡ ἐν Λεβαδείᾳ σιδηροδρομικὴ κίνησις τῆς γραμμῆς τῶν Λαρισαϊκῶν ἐπεξετείνετο, ἀπεφασίσθη ἡ κατασκευὴ νέας σιδηροδρομικῆς γραμμῆς Λεβαδείας–Ὀρχομενοῦ. Ἡ νέα αὕτη γραμμὴ θὰ ἔχῃ μῆκος 22 χιλιομέτρων καὶ θὰ διευκολύνῃ μεγάλως τὴν συγκοινωνίαν τῆς Βοιωτίας μετὰ τῆς πρωτευούσης. Αἱ μελέται ἐπερατώθησαν ἤδη καὶ ἐντὸς ὀλίγου ἀρχίζουσιν αἱ ἐργασίαι.
Πρὸ καιροῦ ἐπειδὴ ἡ ἐν Λεβαδείᾳ σιδηροδρομικὴ κίνησις τῆς γραμμῆς τῶν Λαρισαϊκῶν ἐπεξετείνετο, ἀπεφασίσθη ἡ κατασκευὴ νέας σιδηροδρομικῆς γραμμῆς Λεβαδείας–Ὀρχομενοῦ. Ἡ νέα αὕτη γραμμὴ θὰ ἔχῃ μῆκος 22 χιλιομέτρων καὶ θὰ διευκολύνῃ μεγάλως τὴν συγκοινωνίαν τῆς Βοιωτίας μετὰ τῆς πρωτευούσης. Αἱ μελέται ἐπερατώθησαν ἤδη καὶ ἐντὸς ὀλίγου ἀρχίζουσιν αἱ ἐργασίαι.
Πρὸ καιροῦ ἐπειδὴ ἡ ἐν Λεβαδείᾳ σιδηροδρομικὴ κίνησις τῆς γραμμῆς τῶν Λαρισαϊκῶν ἐπεξετείνετο, ἀπεφασίσθη ἡ κατασκευὴ νέας σιδηροδρομικῆς γραμμῆς Λεβαδείας–Ὀρχομενοῦ. Ἡ νέα αὕτη γραμμὴ θὰ ἔχῃ μῆκος 22 χιλιομέτρων καὶ θὰ διευκολύνῃ μεγάλως τὴν συγκοινωνίαν τῆς Βοιωτίας μετὰ τῆς πρωτευούσης. Αἱ μελέται ἐπερατώθησαν ἤδη καὶ ἐντὸς ὀλίγου ἀρχίζουσιν αἱ ἐργασίαι.
